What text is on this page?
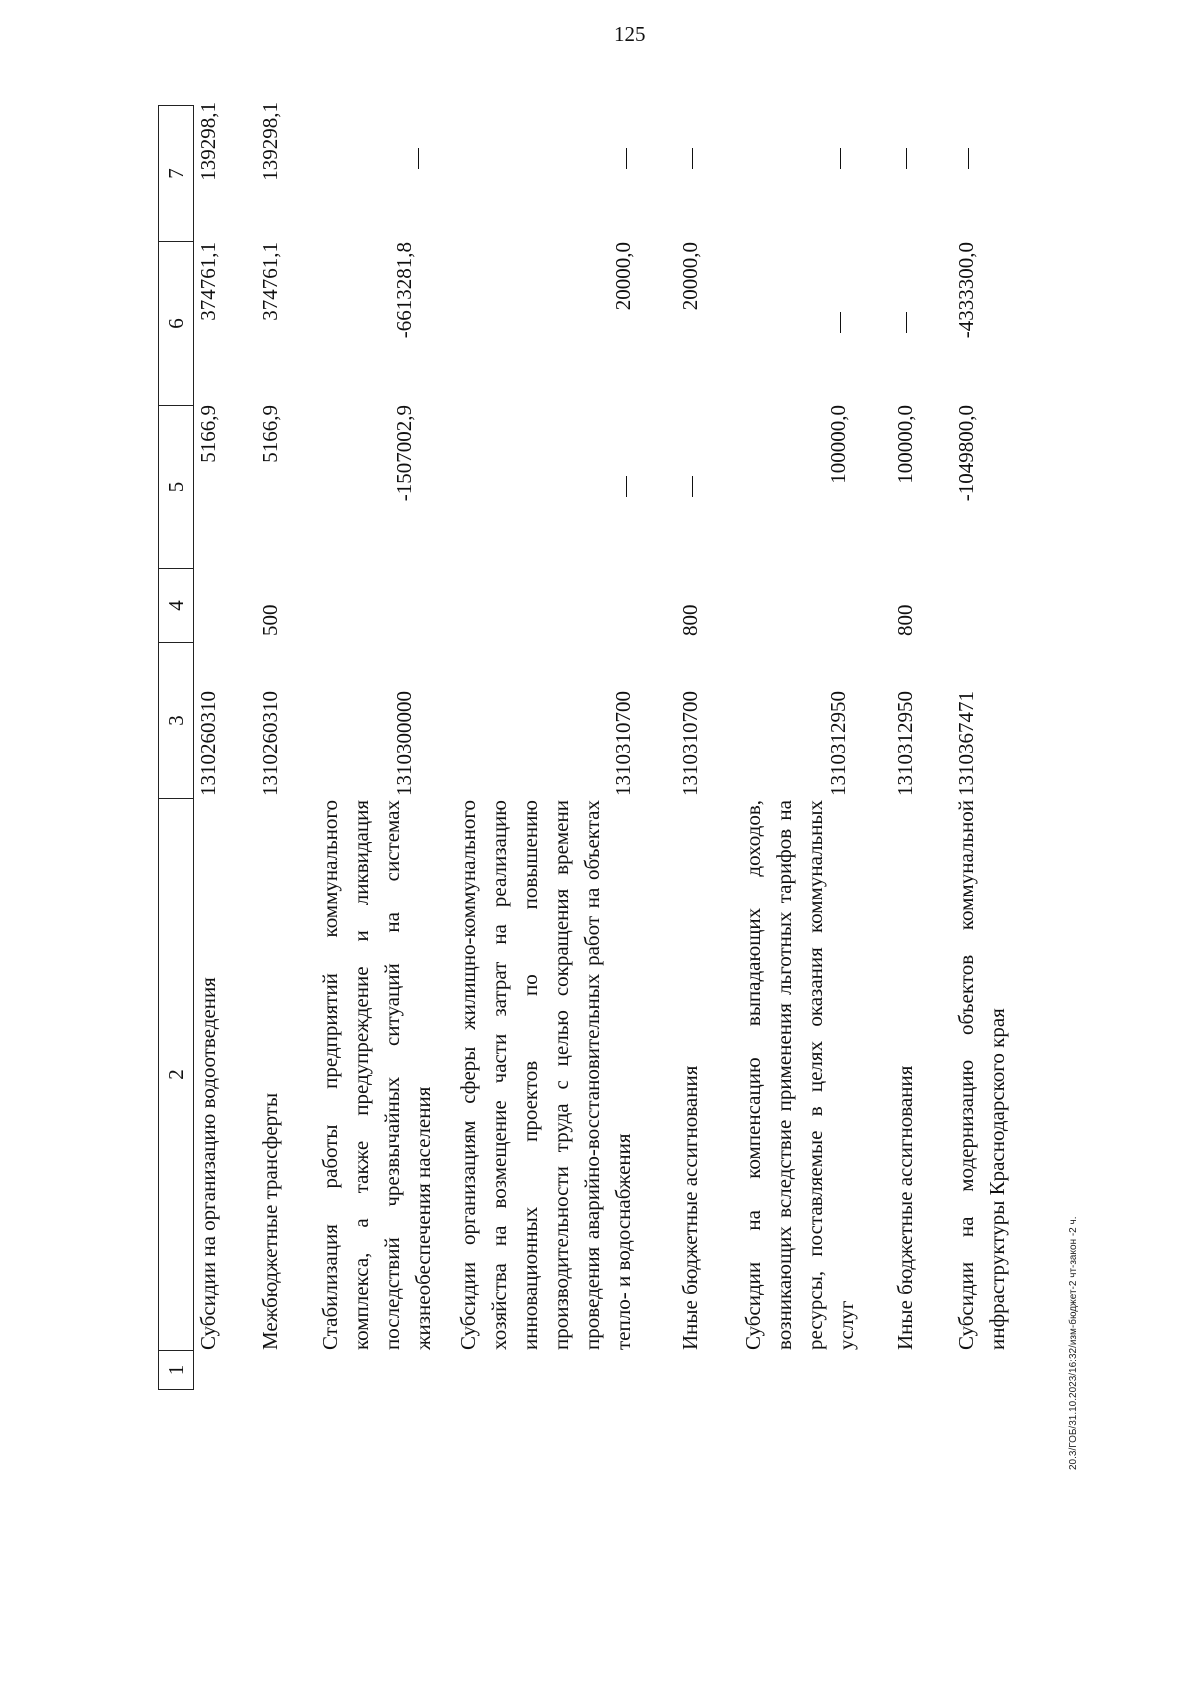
125
1
2
3
4
5
6
7
Субсидии на организацию водоотведения
1310260310
5166,9
374761,1
139298,1
Межбюджетные трансферты
1310260310
500
5166,9
374761,1
139298,1
Стабилизация работы предприятий коммунального комплекса, а также предупреждение и ликвидация последствий чрезвычайных ситуаций на системах жизнеобеспечения населения
1310300000
-1507002,9
-6613281,8
Субсидии организациям сферы жилищно-коммунального хозяйства на возмещение части затрат на реализацию инновационных проектов по повышению производительности труда с целью сокращения времени проведения аварийно-восстановительных работ на объектах тепло- и водоснабжения
1310310700
20000,0
Иные бюджетные ассигнования
1310310700
800
20000,0
Субсидии на компенсацию выпадающих доходов, возникающих вследствие применения льготных тарифов на ресурсы, поставляемые в целях оказания коммунальных услуг
1310312950
100000,0
Иные бюджетные ассигнования
1310312950
800
100000,0
Субсидии на модернизацию объектов коммунальной инфраструктуры Краснодарского края
1310367471
-1049800,0
-4333300,0
20.3/ГОБ/31.10.2023/16:32/изм-бюджет-2 чт-закон -2 ч.
